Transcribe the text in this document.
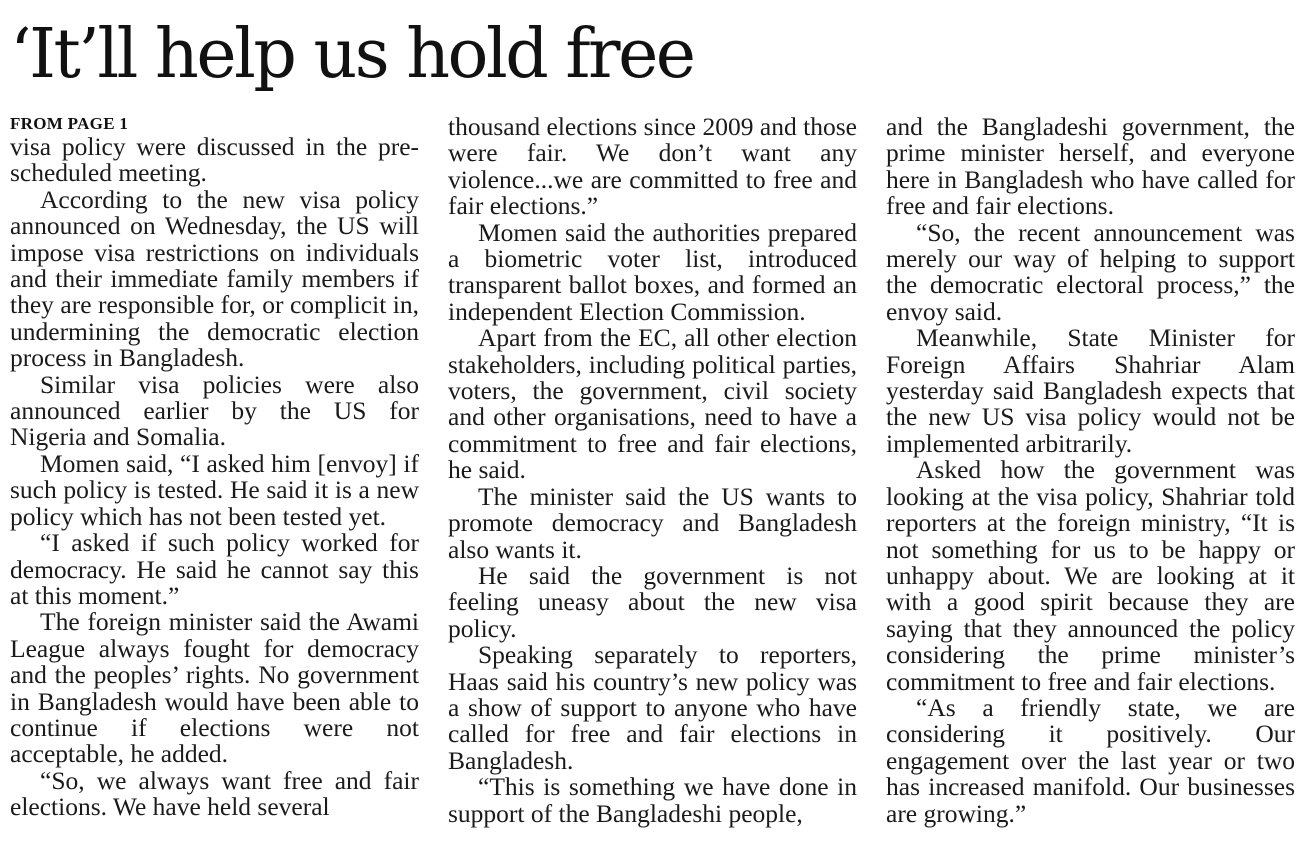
‘It’ll help us hold free
FROM PAGE 1

visa policy were discussed in the pre-scheduled meeting.

According to the new visa policy announced on Wednesday, the US will impose visa restrictions on individuals and their immediate family members if they are responsible for, or complicit in, undermining the democratic election process in Bangladesh.

Similar visa policies were also announced earlier by the US for Nigeria and Somalia.

Momen said, “I asked him [envoy] if such policy is tested. He said it is a new policy which has not been tested yet.

“I asked if such policy worked for democracy. He said he cannot say this at this moment.”

The foreign minister said the Awami League always fought for democracy and the peoples’ rights. No government in Bangladesh would have been able to continue if elections were not acceptable, he added.

“So, we always want free and fair elections. We have held several

thousand elections since 2009 and those were fair. We don’t want any violence...we are committed to free and fair elections.”

Momen said the authorities prepared a biometric voter list, introduced transparent ballot boxes, and formed an independent Election Commission.

Apart from the EC, all other election stakeholders, including political parties, voters, the government, civil society and other organisations, need to have a commitment to free and fair elections, he said.

The minister said the US wants to promote democracy and Bangladesh also wants it.

He said the government is not feeling uneasy about the new visa policy.

Speaking separately to reporters, Haas said his country’s new policy was a show of support to anyone who have called for free and fair elections in Bangladesh.

“This is something we have done in support of the Bangladeshi people,

and the Bangladeshi government, the prime minister herself, and everyone here in Bangladesh who have called for free and fair elections.

“So, the recent announcement was merely our way of helping to support the democratic electoral process,” the envoy said.

Meanwhile, State Minister for Foreign Affairs Shahriar Alam yesterday said Bangladesh expects that the new US visa policy would not be implemented arbitrarily.

Asked how the government was looking at the visa policy, Shahriar told reporters at the foreign ministry, “It is not something for us to be happy or unhappy about. We are looking at it with a good spirit because they are saying that they announced the policy considering the prime minister’s commitment to free and fair elections.

“As a friendly state, we are considering it positively. Our engagement over the last year or two has increased manifold. Our businesses are growing.”
